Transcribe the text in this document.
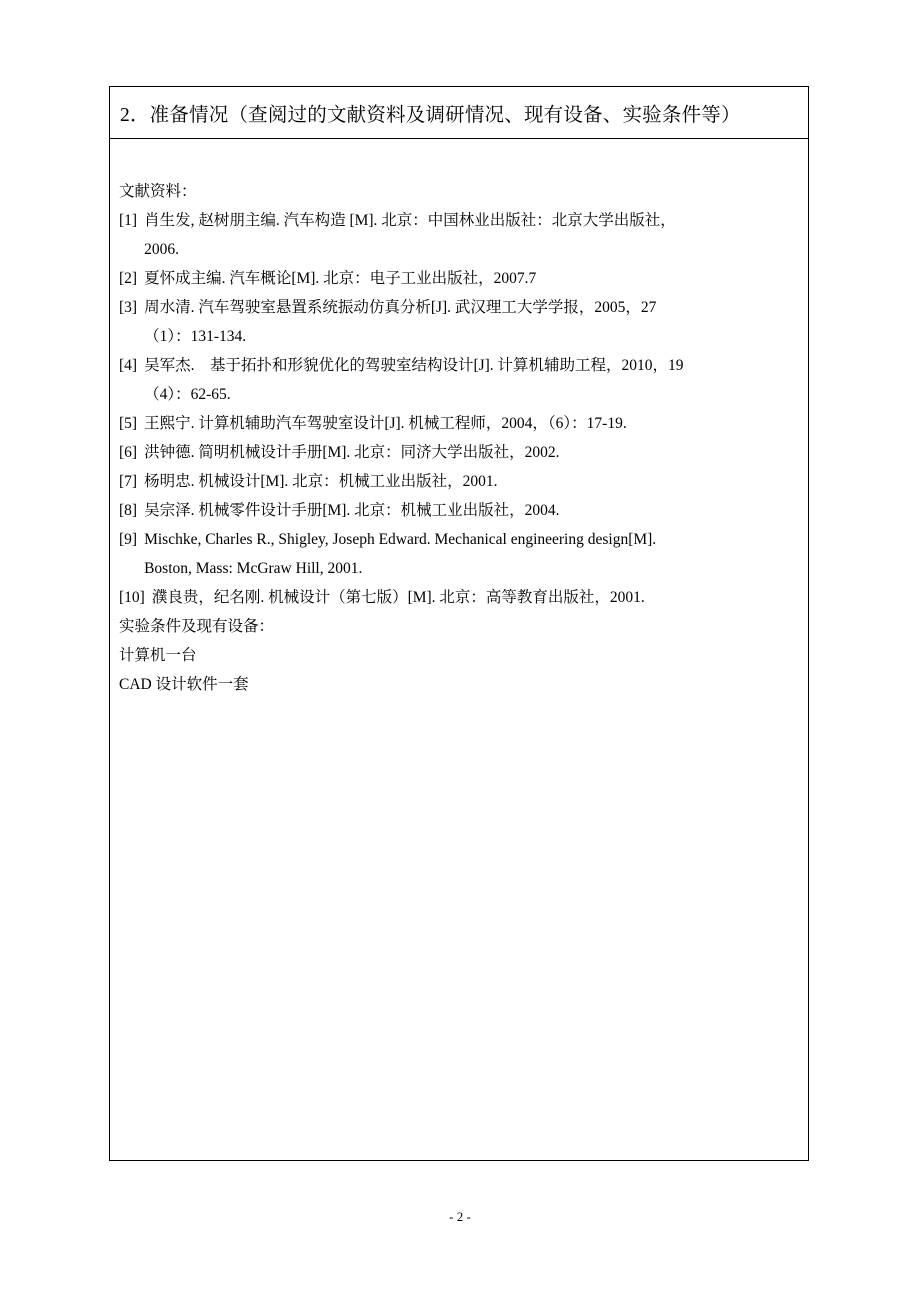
2．准备情况（查阅过的文献资料及调研情况、现有设备、实验条件等）
文献资料：
[1] 肖生发, 赵树朋主编. 汽车构造 [M]. 北京：中国林业出版社：北京大学出版社，
2006.
[2] 夏怀成主编. 汽车概论[M]. 北京：电子工业出版社，2007.7
[3] 周水清. 汽车驾驶室悬置系统振动仿真分析[J]. 武汉理工大学学报，2005，27
（1）：131-134.
[4] 吴军杰.　基于拓扑和形貌优化的驾驶室结构设计[J]. 计算机辅助工程，2010，19
（4）：62-65.
[5] 王熙宁. 计算机辅助汽车驾驶室设计[J]. 机械工程师，2004，（6）：17-19.
[6] 洪钟德. 简明机械设计手册[M]. 北京：同济大学出版社，2002.
[7] 杨明忠. 机械设计[M]. 北京：机械工业出版社，2001.
[8] 吴宗泽. 机械零件设计手册[M]. 北京：机械工业出版社，2004.
[9] Mischke, Charles R., Shigley, Joseph Edward. Mechanical engineering design[M].
Boston, Mass: McGraw Hill, 2001.
[10] 濮良贵，纪名刚. 机械设计（第七版）[M]. 北京：高等教育出版社，2001.
实验条件及现有设备：
计算机一台
CAD 设计软件一套
- 2 -
